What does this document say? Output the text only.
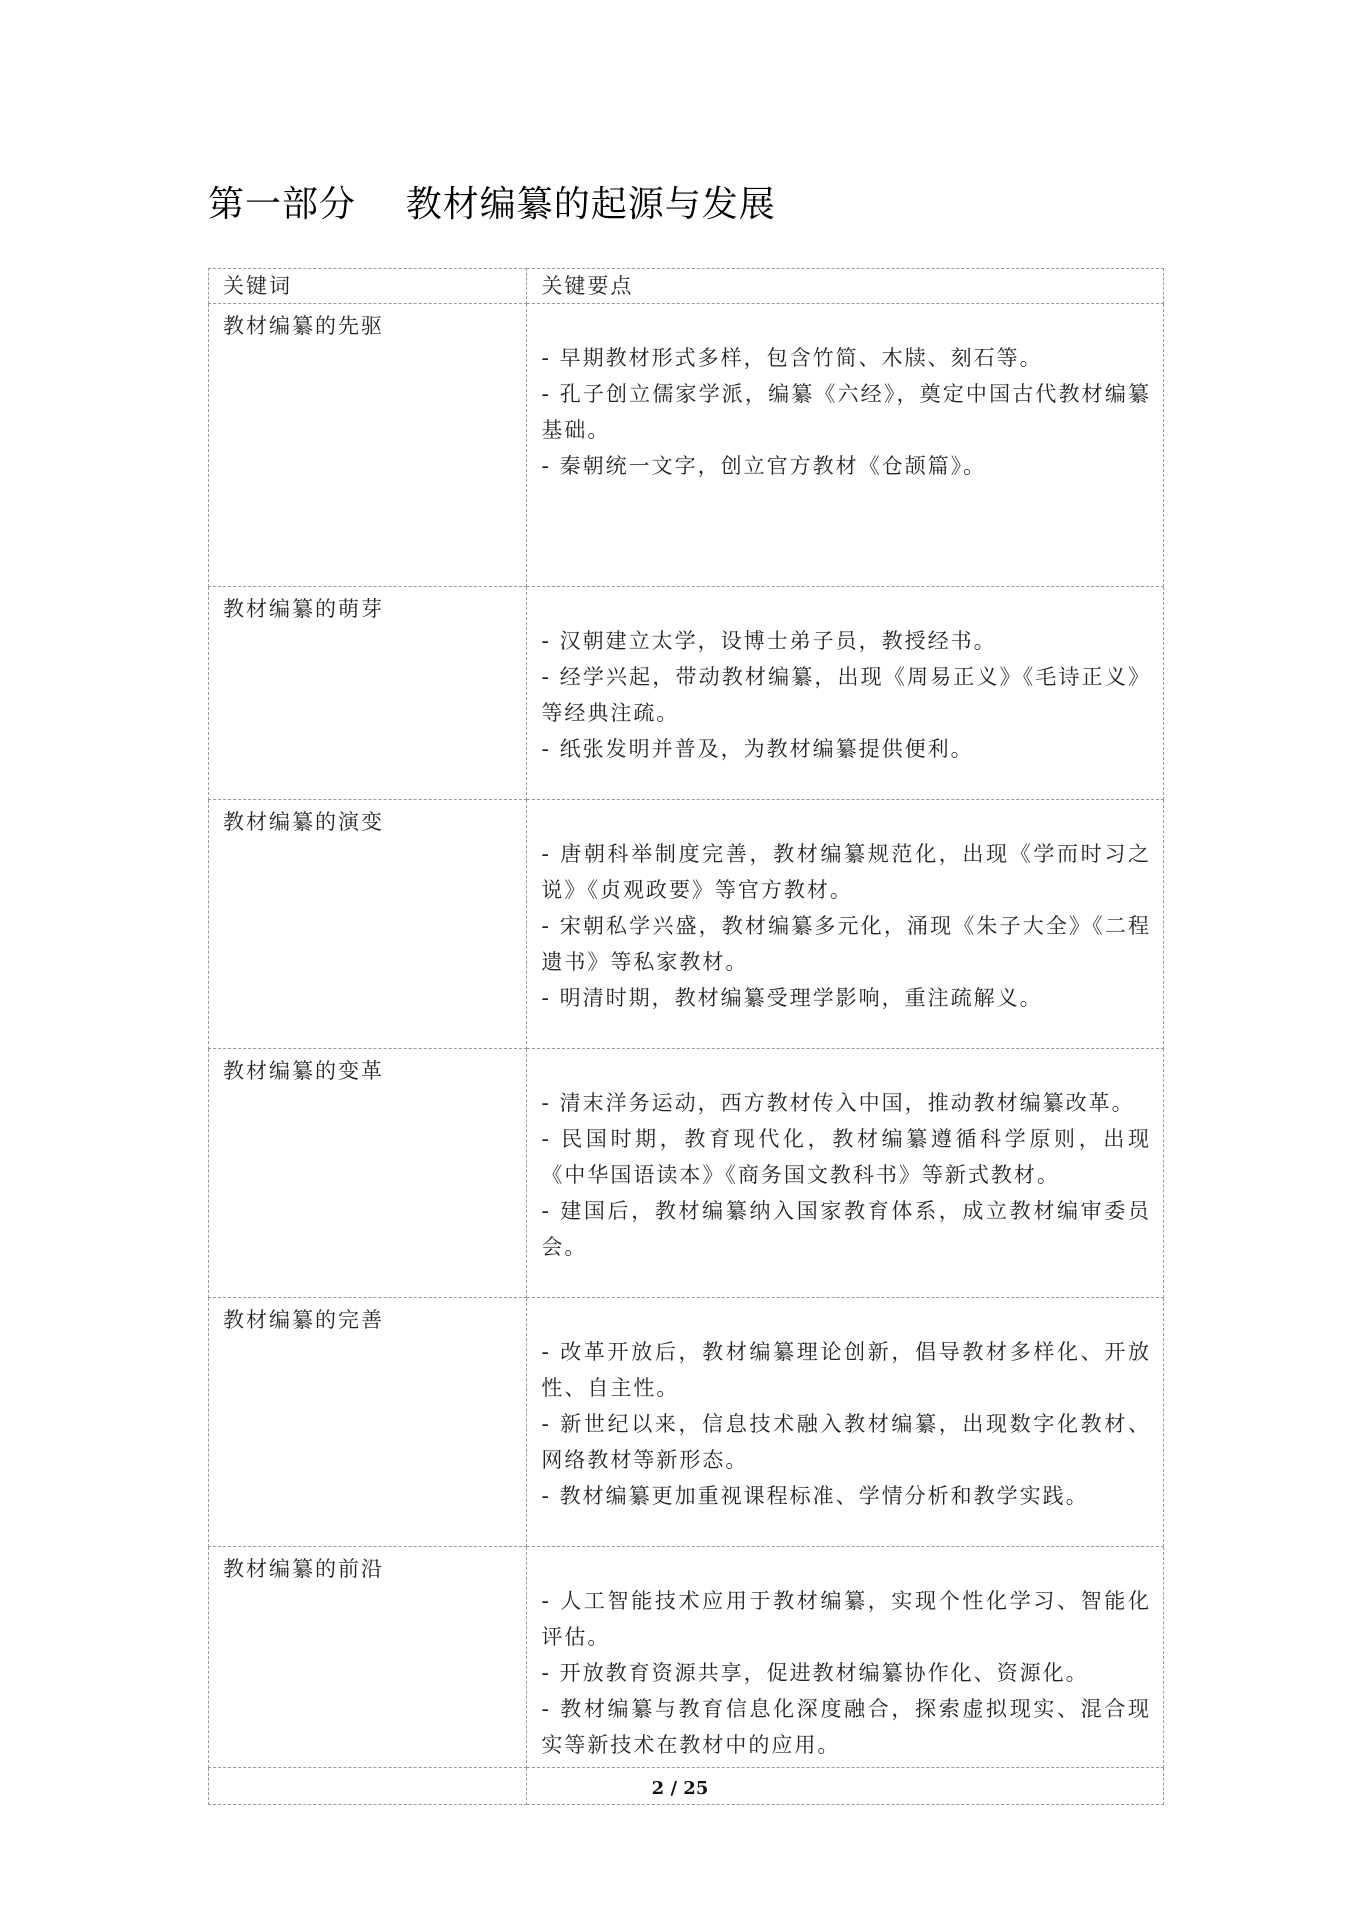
第一部分    教材编纂的起源与发展
关键词	关键要点

教材编纂的先驱	- 早期教材形式多样，包含竹简、木牍、刻石等。
- 孔子创立儒家学派，编纂《六经》，奠定中国古代教材编纂基础。
- 秦朝统一文字，创立官方教材《仓颉篇》。

教材编纂的萌芽	- 汉朝建立太学，设博士弟子员，教授经书。
- 经学兴起，带动教材编纂，出现《周易正义》《毛诗正义》等经典注疏。
- 纸张发明并普及，为教材编纂提供便利。

教材编纂的演变	- 唐朝科举制度完善，教材编纂规范化，出现《学而时习之说》《贞观政要》等官方教材。
- 宋朝私学兴盛，教材编纂多元化，涌现《朱子大全》《二程遗书》等私家教材。
- 明清时期，教材编纂受理学影响，重注疏解义。

教材编纂的变革	- 清末洋务运动，西方教材传入中国，推动教材编纂改革。
- 民国时期，教育现代化，教材编纂遵循科学原则，出现《中华国语读本》《商务国文教科书》等新式教材。
- 建国后，教材编纂纳入国家教育体系，成立教材编审委员会。

教材编纂的完善	- 改革开放后，教材编纂理论创新，倡导教材多样化、开放性、自主性。
- 新世纪以来，信息技术融入教材编纂，出现数字化教材、网络教材等新形态。
- 教材编纂更加重视课程标准、学情分析和教学实践。

教材编纂的前沿	- 人工智能技术应用于教材编纂，实现个性化学习、智能化评估。
- 开放教育资源共享，促进教材编纂协作化、资源化。
- 教材编纂与教育信息化深度融合，探索虚拟现实、混合现实等新技术在教材中的应用。

2 / 25
